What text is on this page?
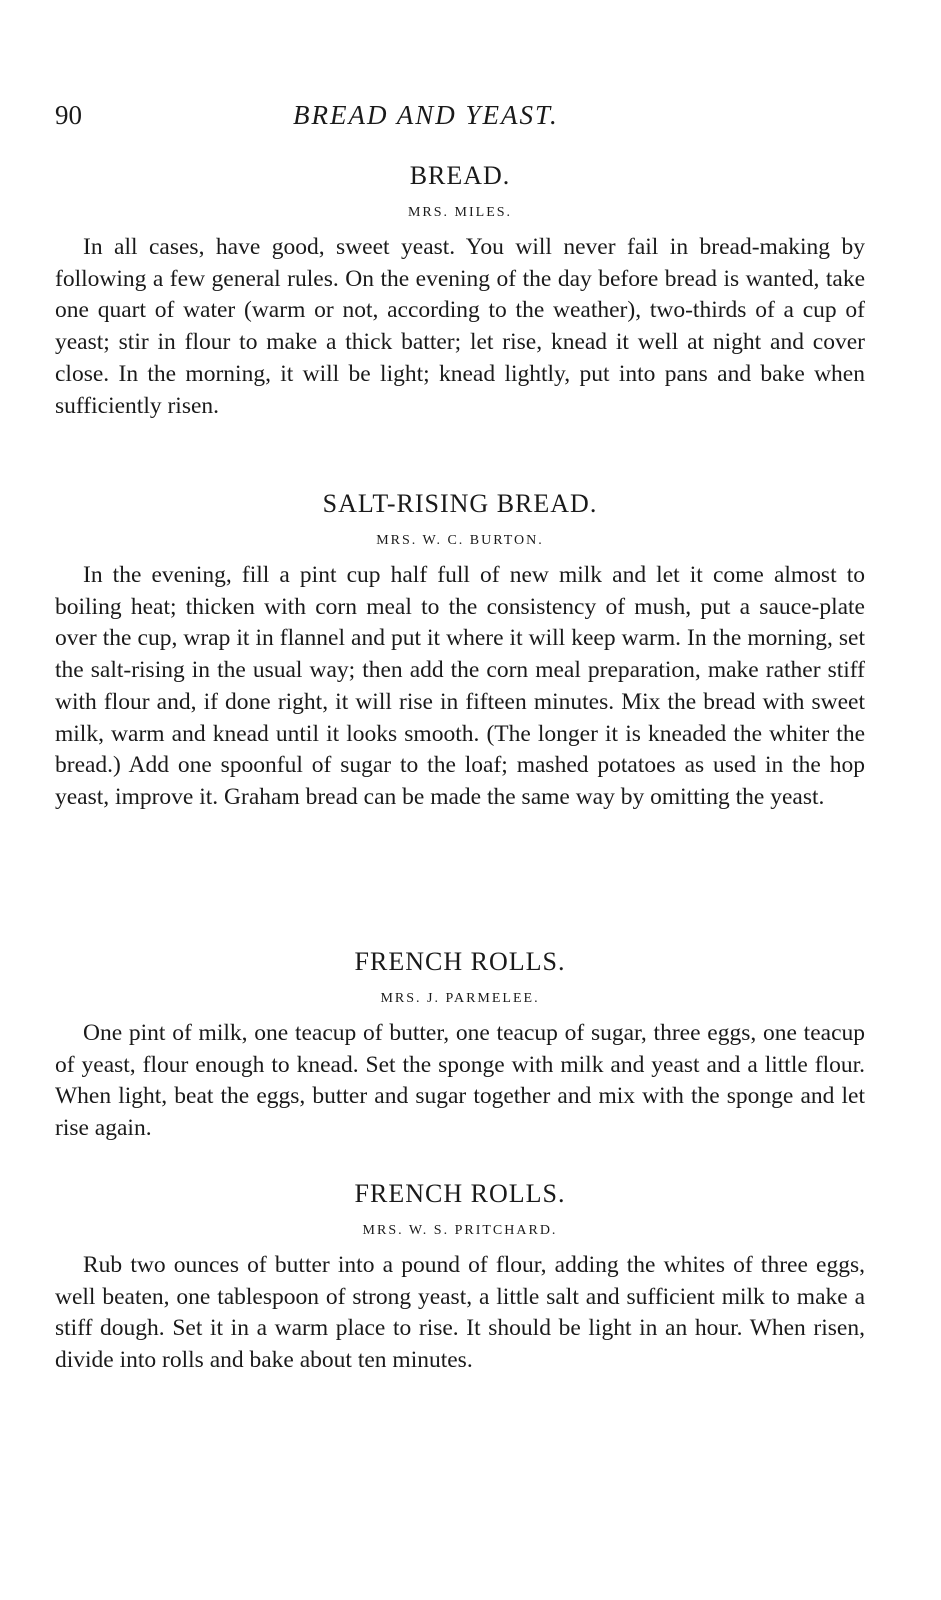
90	BREAD AND YEAST.
BREAD.
MRS. MILES.

In all cases, have good, sweet yeast. You will never fail in bread-making by following a few general rules. On the evening of the day before bread is wanted, take one quart of water (warm or not, according to the weather), two-thirds of a cup of yeast; stir in flour to make a thick batter; let rise, knead it well at night and cover close. In the morning, it will be light; knead lightly, put into pans and bake when sufficiently risen.

SALT-RISING BREAD.
MRS. W. C. BURTON.

In the evening, fill a pint cup half full of new milk and let it come almost to boiling heat; thicken with corn meal to the consistency of mush, put a sauce-plate over the cup, wrap it in flannel and put it where it will keep warm. In the morning, set the salt-rising in the usual way; then add the corn meal preparation, make rather stiff with flour and, if done right, it will rise in fifteen minutes. Mix the bread with sweet milk, warm and knead until it looks smooth. (The longer it is kneaded the whiter the bread.) Add one spoonful of sugar to the loaf; mashed potatoes as used in the hop yeast, improve it. Graham bread can be made the same way by omitting the yeast.

FRENCH ROLLS.
MRS. J. PARMELEE.

One pint of milk, one teacup of butter, one teacup of sugar, three eggs, one teacup of yeast, flour enough to knead. Set the sponge with milk and yeast and a little flour. When light, beat the eggs, butter and sugar together and mix with the sponge and let rise again.

FRENCH ROLLS.
MRS. W. S. PRITCHARD.

Rub two ounces of butter into a pound of flour, adding the whites of three eggs, well beaten, one tablespoon of strong yeast, a little salt and sufficient milk to make a stiff dough. Set it in a warm place to rise. It should be light in an hour. When risen, divide into rolls and bake about ten minutes.
